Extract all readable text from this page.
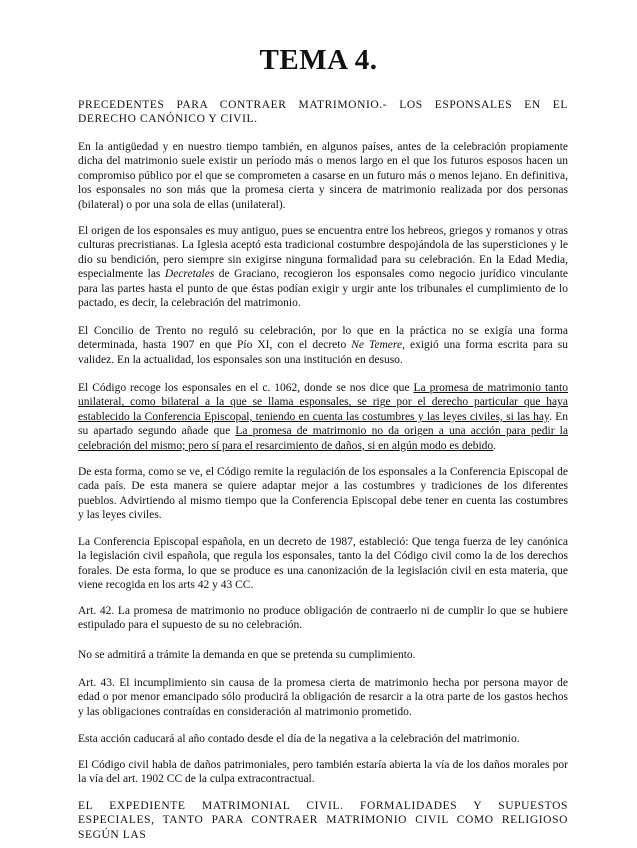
TEMA 4.

PRECEDENTES PARA CONTRAER MATRIMONIO.- LOS ESPONSALES EN EL DERECHO CANÓNICO Y CIVIL.

En la antigüedad y en nuestro tiempo también, en algunos países, antes de la celebración propiamente dicha del matrimonio suele existir un período más o menos largo en el que los futuros esposos hacen un compromiso público por el que se comprometen a casarse en un futuro más o menos lejano. En definitiva, los esponsales no son más que la promesa cierta y sincera de matrimonio realizada por dos personas (bilateral) o por una sola de ellas (unilateral).

El origen de los esponsales es muy antiguo, pues se encuentra entre los hebreos, griegos y romanos y otras culturas precristianas. La Iglesia aceptó esta tradicional costumbre despojándola de las supersticiones y le dio su bendición, pero siempre sin exigirse ninguna formalidad para su celebración. En la Edad Media, especialmente las Decretales de Graciano, recogieron los esponsales como negocio jurídico vinculante para las partes hasta el punto de que éstas podían exigir y urgir ante los tribunales el cumplimiento de lo pactado, es decir, la celebración del matrimonio.

El Concilio de Trento no reguló su celebración, por lo que en la práctica no se exigía una forma determinada, hasta 1907 en que Pío XI, con el decreto Ne Temere, exigió una forma escrita para su validez. En la actualidad, los esponsales son una institución en desuso.

El Código recoge los esponsales en el c. 1062, donde se nos dice que La promesa de matrimonio tanto unilateral, como bilateral a la que se llama esponsales, se rige por el derecho particular que haya establecido la Conferencia Episcopal, teniendo en cuenta las costumbres y las leyes civiles, si las hay. En su apartado segundo añade que La promesa de matrimonio no da origen a una acción para pedir la celebración del mismo; pero sí para el resarcimiento de daños, si en algún modo es debido.

De esta forma, como se ve, el Código remite la regulación de los esponsales a la Conferencia Episcopal de cada país. De esta manera se quiere adaptar mejor a las costumbres y tradiciones de los diferentes pueblos. Advirtiendo al mismo tiempo que la Conferencia Episcopal debe tener en cuenta las costumbres y las leyes civiles.

La Conferencia Episcopal española, en un decreto de 1987, estableció: Que tenga fuerza de ley canónica la legislación civil española, que regula los esponsales, tanto la del Código civil como la de los derechos forales. De esta forma, lo que se produce es una canonización de la legislación civil en esta materia, que viene recogida en los arts 42 y 43 CC.

Art. 42. La promesa de matrimonio no produce obligación de contraerlo ni de cumplir lo que se hubiere estipulado para el supuesto de su no celebración.

No se admitirá a trámite la demanda en que se pretenda su cumplimiento.

Art. 43. El incumplimiento sin causa de la promesa cierta de matrimonio hecha por persona mayor de edad o por menor emancipado sólo producirá la obligación de resarcir a la otra parte de los gastos hechos y las obligaciones contraídas en consideración al matrimonio prometido.

Esta acción caducará al año contado desde el día de la negativa a la celebración del matrimonio.

El Código civil habla de daños patrimoniales, pero también estaría abierta la vía de los daños morales por la vía del art. 1902 CC de la culpa extracontractual.

EL EXPEDIENTE MATRIMONIAL CIVIL. FORMALIDADES Y SUPUESTOS ESPECIALES, TANTO PARA CONTRAER MATRIMONIO CIVIL COMO RELIGIOSO SEGÚN LAS
